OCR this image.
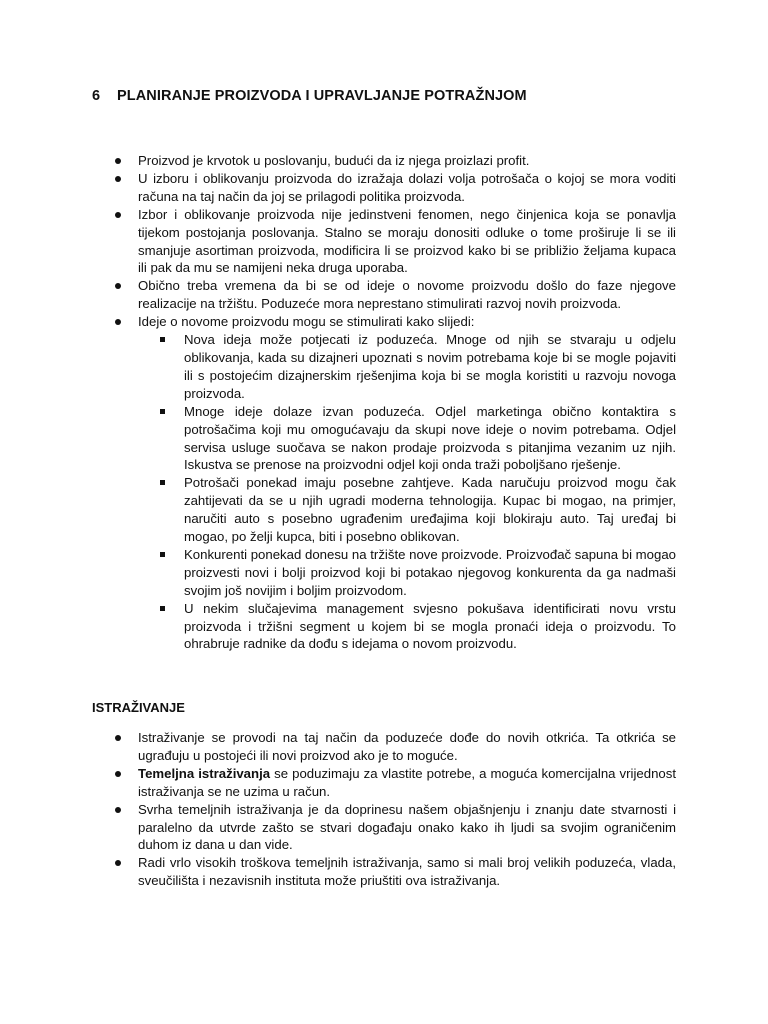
6 PLANIRANJE PROIZVODA I UPRAVLJANJE POTRAŽNJOM
Proizvod je krvotok u poslovanju, budući da iz njega proizlazi profit.
U izboru i oblikovanju proizvoda do izražaja dolazi volja potrošača o kojoj se mora voditi računa na taj način da joj se prilagodi politika proizvoda.
Izbor i oblikovanje proizvoda nije jedinstveni fenomen, nego činjenica koja se ponavlja tijekom postojanja poslovanja. Stalno se moraju donositi odluke o tome proširuje li se ili smanjuje asortiman proizvoda, modificira li se proizvod kako bi se približio željama kupaca ili pak da mu se namijeni neka druga uporaba.
Obično treba vremena da bi se od ideje o novome proizvodu došlo do faze njegove realizacije na tržištu. Poduzeće mora neprestano stimulirati razvoj novih proizvoda.
Ideje o novome proizvodu mogu se stimulirati kako slijedi:
Nova ideja može potjecati iz poduzeća. Mnoge od njih se stvaraju u odjelu oblikovanja, kada su dizajneri upoznati s novim potrebama koje bi se mogle pojaviti ili s postojećim dizajnerskim rješenjima koja bi se mogla koristiti u razvoju novoga proizvoda.
Mnoge ideje dolaze izvan poduzeća. Odjel marketinga obično kontaktira s potrošačima koji mu omogućavaju da skupi nove ideje o novim potrebama. Odjel servisa usluge suočava se nakon prodaje proizvoda s pitanjima vezanim uz njih. Iskustva se prenose na proizvodni odjel koji onda traži poboljšano rješenje.
Potrošači ponekad imaju posebne zahtjeve. Kada naručuju proizvod mogu čak zahtijevati da se u njih ugradi moderna tehnologija. Kupac bi mogao, na primjer, naručiti auto s posebno ugrađenim uređajima koji blokiraju auto. Taj uređaj bi mogao, po želji kupca, biti i posebno oblikovan.
Konkurenti ponekad donesu na tržište nove proizvode. Proizvođač sapuna bi mogao proizvesti novi i bolji proizvod koji bi potakao njegovog konkurenta da ga nadmaši svojim još novijim i boljim proizvodom.
U nekim slučajevima management svjesno pokušava identificirati novu vrstu proizvoda i tržišni segment u kojem bi se mogla pronaći ideja o proizvodu. To ohrabruje radnike da dođu s idejama o novom proizvodu.
ISTRAŽIVANJE
Istraživanje se provodi na taj način da poduzeće dođe do novih otkrića. Ta otkrića se ugrađuju u postojeći ili novi proizvod ako je to moguće.
Temeljna istraživanja se poduzimaju za vlastite potrebe, a moguća komercijalna vrijednost istraživanja se ne uzima u račun.
Svrha temeljnih istraživanja je da doprinesu našem objašnjenju i znanju date stvarnosti i paralelno da utvrde zašto se stvari događaju onako kako ih ljudi sa svojim ograničenim duhom iz dana u dan vide.
Radi vrlo visokih troškova temeljnih istraživanja, samo si mali broj velikih poduzeća, vlada, sveučilišta i nezavisnih instituta može priuštiti ova istraživanja.
